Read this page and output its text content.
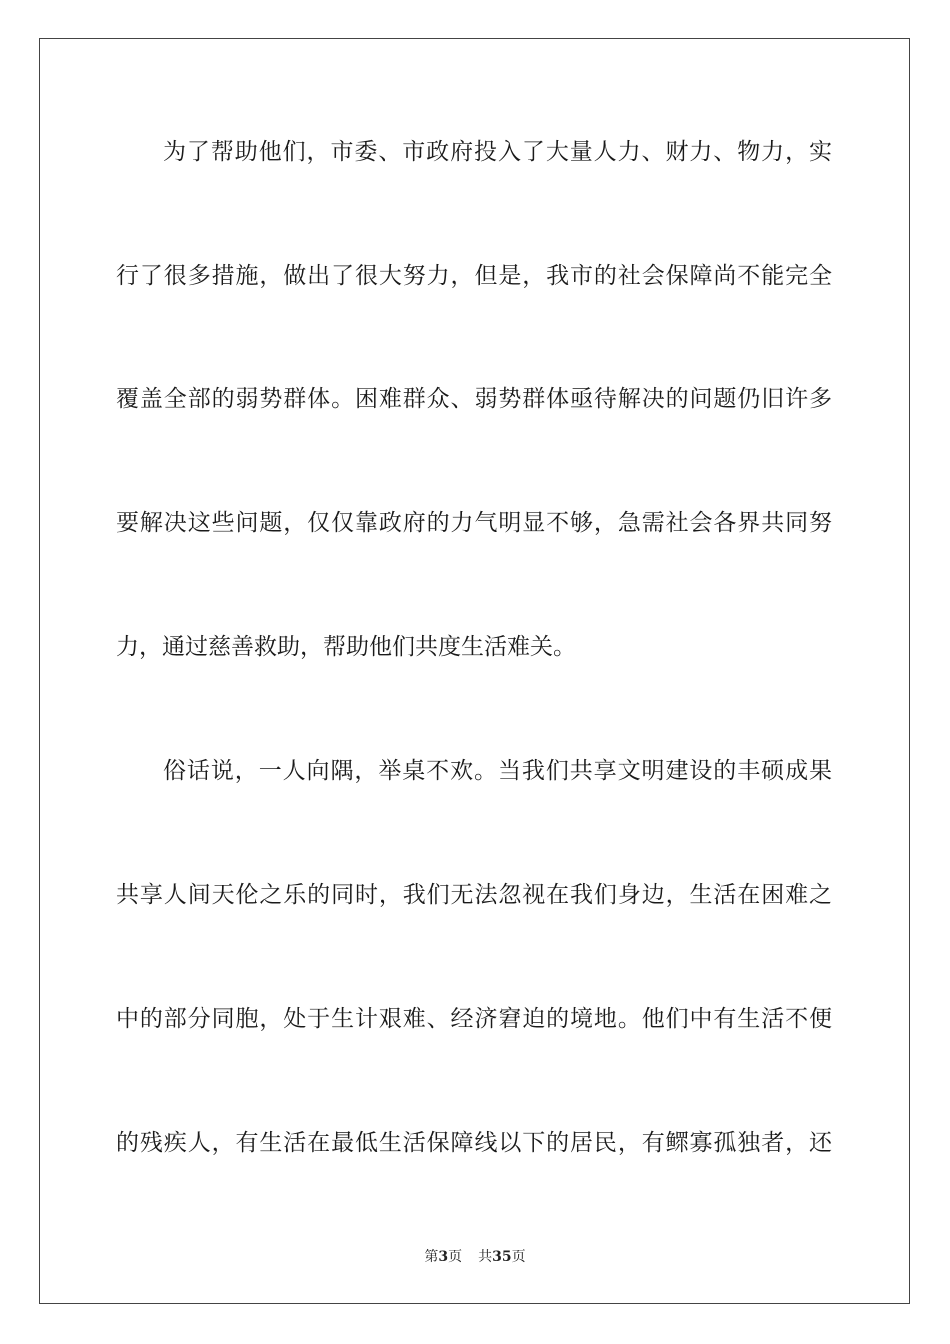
为了帮助他们，市委、市政府投入了大量人力、财力、物力，实
行了很多措施，做出了很大努力，但是，我市的社会保障尚不能完全
覆盖全部的弱势群体。困难群众、弱势群体亟待解决的问题仍旧许多
要解决这些问题，仅仅靠政府的力气明显不够，急需社会各界共同努
力，通过慈善救助，帮助他们共度生活难关。
俗话说，一人向隅，举桌不欢。当我们共享文明建设的丰硕成果
共享人间天伦之乐的同时，我们无法忽视在我们身边，生活在困难之
中的部分同胞，处于生计艰难、经济窘迫的境地。他们中有生活不便
的残疾人，有生活在最低生活保障线以下的居民，有鳏寡孤独者，还
第3页 共35页
